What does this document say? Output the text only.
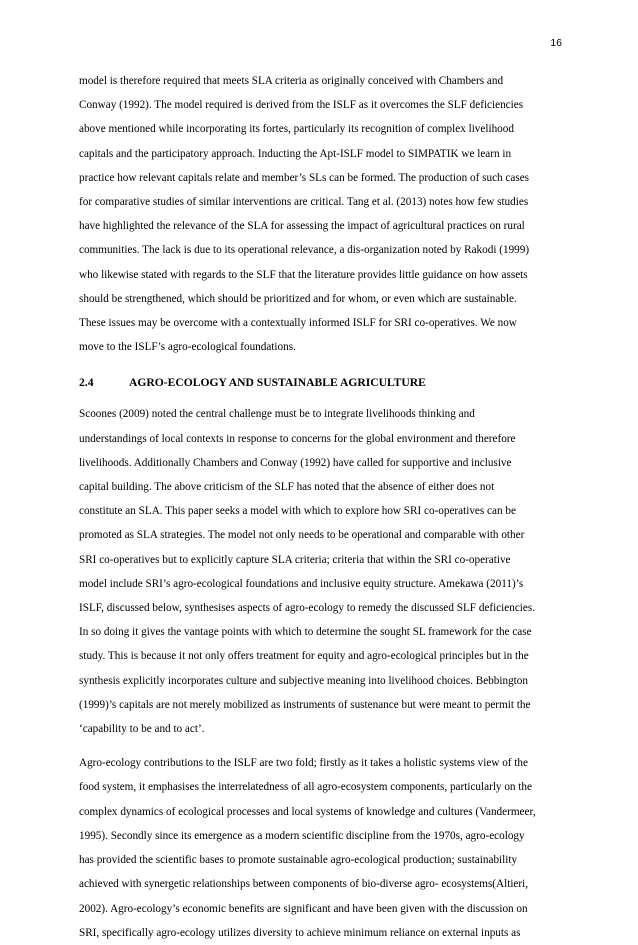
16

model is therefore required that meets SLA criteria as originally conceived with Chambers and
Conway (1992). The model required is derived from the ISLF as it overcomes the SLF deficiencies
above mentioned while incorporating its fortes, particularly its recognition of complex livelihood
capitals and the participatory approach. Inducting the Apt-ISLF model to SIMPATIK we learn in
practice how relevant capitals relate and member’s SLs can be formed. The production of such cases
for comparative studies of similar interventions are critical. Tang et al. (2013) notes how few studies
have highlighted the relevance of the SLA for assessing the impact of agricultural practices on rural
communities. The lack is due to its operational relevance, a dis-organization noted by Rakodi (1999)
who likewise stated with regards to the SLF that the literature provides little guidance on how assets
should be strengthened, which should be prioritized and for whom, or even which are sustainable.
These issues may be overcome with a contextually informed ISLF for SRI co-operatives. We now
move to the ISLF’s agro-ecological foundations.

2.4	AGRO-ECOLOGY AND SUSTAINABLE AGRICULTURE

Scoones (2009) noted the central challenge must be to integrate livelihoods thinking and
understandings of local contexts in response to concerns for the global environment and therefore
livelihoods. Additionally Chambers and Conway (1992) have called for supportive and inclusive
capital building. The above criticism of the SLF has noted that the absence of either does not
constitute an SLA. This paper seeks a model with which to explore how SRI co-operatives can be
promoted as SLA strategies. The model not only needs to be operational and comparable with other
SRI co-operatives but to explicitly capture SLA criteria; criteria that within the SRI co-operative
model include SRI’s agro-ecological foundations and inclusive equity structure. Amekawa (2011)’s
ISLF, discussed below, synthesises aspects of agro-ecology to remedy the discussed SLF deficiencies.
In so doing it gives the vantage points with which to determine the sought SL framework for the case
study. This is because it not only offers treatment for equity and agro-ecological principles but in the
synthesis explicitly incorporates culture and subjective meaning into livelihood choices. Bebbington
(1999)’s capitals are not merely mobilized as instruments of sustenance but were meant to permit the
‘capability to be and to act’.

Agro-ecology contributions to the ISLF are two fold; firstly as it takes a holistic systems view of the
food system, it emphasises the interrelatedness of all agro-ecosystem components, particularly on the
complex dynamics of ecological processes and local systems of knowledge and cultures (Vandermeer,
1995). Secondly since its emergence as a modern scientific discipline from the 1970s, agro-ecology
has provided the scientific bases to promote sustainable agro-ecological production; sustainability
achieved with synergetic relationships between components of bio-diverse agro- ecosystems(Altieri,
2002). Agro-ecology’s economic benefits are significant and have been given with the discussion on
SRI, specifically agro-ecology utilizes diversity to achieve minimum reliance on external inputs as
